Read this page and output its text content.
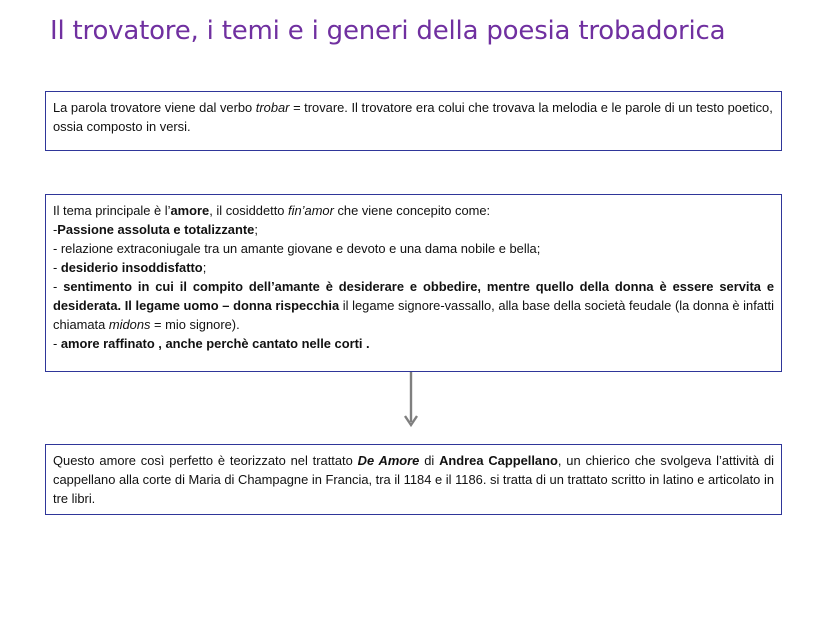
Il trovatore, i temi e i generi della poesia trobadorica

La parola trovatore viene dal verbo trobar = trovare. Il trovatore era colui che trovava la melodia e le parole di un testo poetico, ossia composto in versi.

Il tema principale è l’amore, il cosiddetto fin’amor che viene concepito come:

-Passione assoluta e totalizzante;

- relazione extraconiugale tra un amante giovane e devoto e una dama nobile e bella;

- desiderio insoddisfatto;

- sentimento in cui il compito dell’amante è desiderare e obbedire, mentre quello della donna è essere servita e desiderata. Il legame uomo – donna rispecchia il legame signore-vassallo, alla base della società feudale (la donna è infatti chiamata midons = mio signore).

- amore raffinato , anche perchè cantato nelle corti .

Questo amore così perfetto è teorizzato nel trattato De Amore di Andrea Cappellano, un chierico che svolgeva l’attività di cappellano alla corte di Maria di Champagne in Francia, tra il 1184 e il 1186. si tratta di un trattato scritto in latino e articolato in tre libri.
